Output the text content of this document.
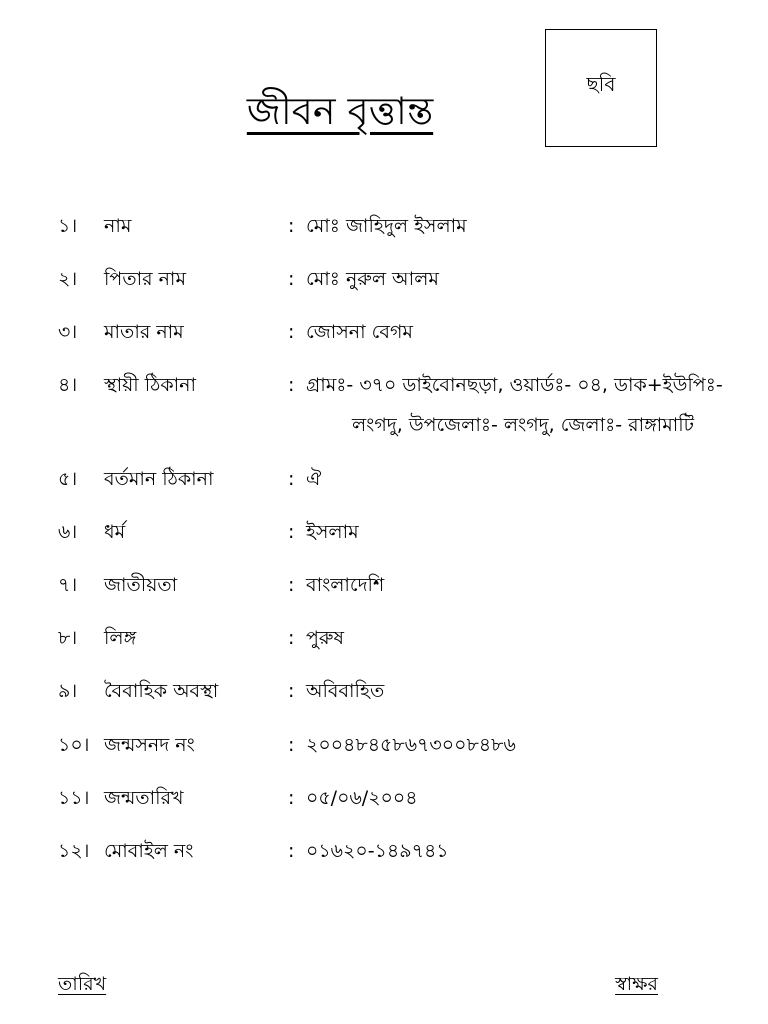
ছবি
জীবন বৃত্তান্ত
১। নাম	: মোঃ জাহিদুল ইসলাম
২। পিতার নাম	: মোঃ নুরুল আলম
৩। মাতার নাম	: জোসনা বেগম
৪। স্থায়ী ঠিকানা	: গ্রামঃ- ৩৭০ ডাইবোনছড়া, ওয়ার্ডঃ- ০৪, ডাক+ইউপিঃ-
লংগদু, উপজেলাঃ- লংগদু, জেলাঃ- রাঙ্গামাটি
৫। বর্তমান ঠিকানা	: ঐ
৬। ধর্ম	: ইসলাম
৭। জাতীয়তা	: বাংলাদেশি
৮। লিঙ্গ	: পুরুষ
৯। বৈবাহিক অবস্থা	: অবিবাহিত
১০। জন্মসনদ নং	: ২০০৪৮৪৫৮৬৭৩০০৮৪৮৬
১১। জন্মতারিখ	: ০৫/০৬/২০০৪
১২। মোবাইল নং	: ০১৬২০-১৪৯৭৪১
তারিখ	স্বাক্ষর
